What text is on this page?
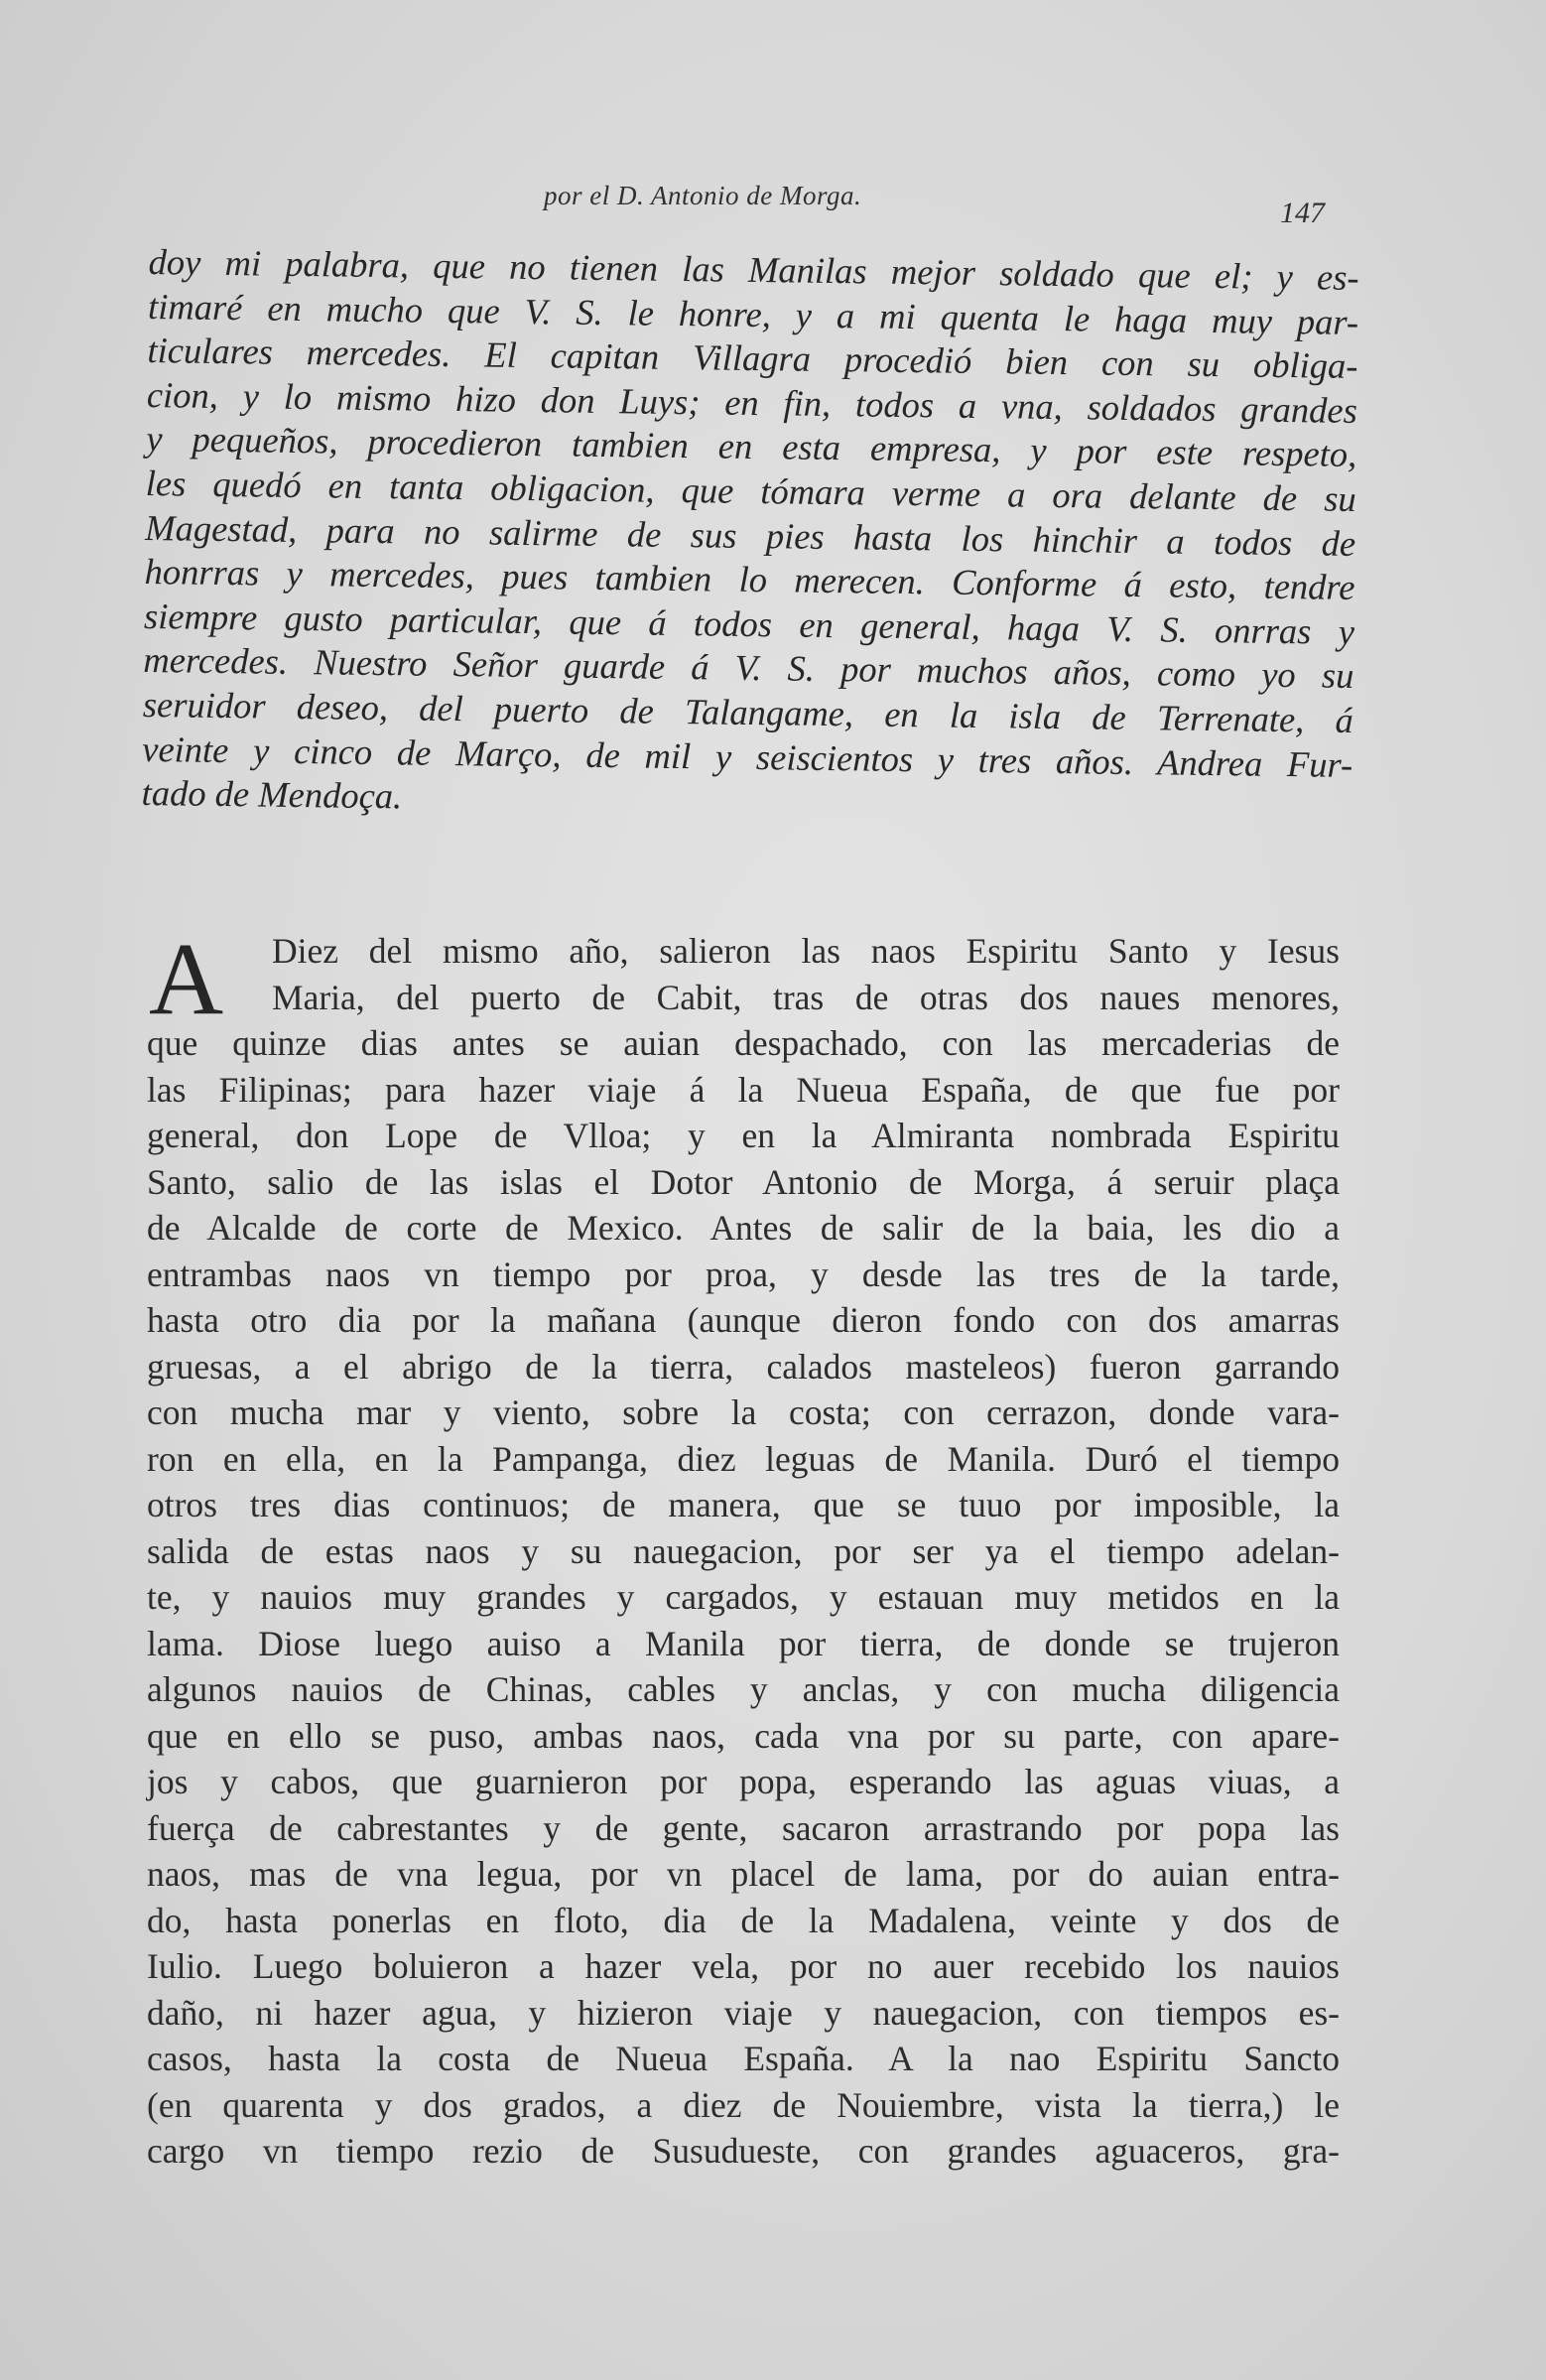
por el D. Antonio de Morga.
147
doy mi palabra, que no tienen las Manilas mejor soldado que el; y es-
timaré en mucho que V. S. le honre, y a mi quenta le haga muy par-
ticulares mercedes. El capitan Villagra procedió bien con su obliga-
cion, y lo mismo hizo don Luys; en fin, todos a vna, soldados grandes
y pequeños, procedieron tambien en esta empresa, y por este respeto,
les quedó en tanta obligacion, que tómara verme a ora delante de su
Magestad, para no salirme de sus pies hasta los hinchir a todos de
honrras y mercedes, pues tambien lo merecen. Conforme á esto, tendre
siempre gusto particular, que á todos en general, haga V. S. onrras y
mercedes. Nuestro Señor guarde á V. S. por muchos años, como yo su
seruidor deseo, del puerto de Talangame, en la isla de Terrenate, á
veinte y cinco de Março, de mil y seiscientos y tres años. Andrea Fur-
tado de Mendoça.
A	Diez del mismo año, salieron las naos Espiritu Santo y Iesus
Maria, del puerto de Cabit, tras de otras dos naues menores,
que quinze dias antes se auian despachado, con las mercaderias de
las Filipinas; para hazer viaje á la Nueua España, de que fue por
general, don Lope de Vlloa; y en la Almiranta nombrada Espiritu
Santo, salio de las islas el Dotor Antonio de Morga, á seruir plaça
de Alcalde de corte de Mexico. Antes de salir de la baia, les dio a
entrambas naos vn tiempo por proa, y desde las tres de la tarde,
hasta otro dia por la mañana (aunque dieron fondo con dos amarras
gruesas, a el abrigo de la tierra, calados masteleos) fueron garrando
con mucha mar y viento, sobre la costa; con cerrazon, donde vara-
ron en ella, en la Pampanga, diez leguas de Manila. Duró el tiempo
otros tres dias continuos; de manera, que se tuuo por imposible, la
salida de estas naos y su nauegacion, por ser ya el tiempo adelan-
te, y nauios muy grandes y cargados, y estauan muy metidos en la
lama. Diose luego auiso a Manila por tierra, de donde se trujeron
algunos nauios de Chinas, cables y anclas, y con mucha diligencia
que en ello se puso, ambas naos, cada vna por su parte, con apare-
jos y cabos, que guarnieron por popa, esperando las aguas viuas, a
fuerça de cabrestantes y de gente, sacaron arrastrando por popa las
naos, mas de vna legua, por vn placel de lama, por do auian entra-
do, hasta ponerlas en floto, dia de la Madalena, veinte y dos de
Iulio. Luego boluieron a hazer vela, por no auer recebido los nauios
daño, ni hazer agua, y hizieron viaje y nauegacion, con tiempos es-
casos, hasta la costa de Nueua España. A la nao Espiritu Sancto
(en quarenta y dos grados, a diez de Nouiembre, vista la tierra,) le
cargo vn tiempo rezio de Susudueste, con grandes aguaceros, gra-
